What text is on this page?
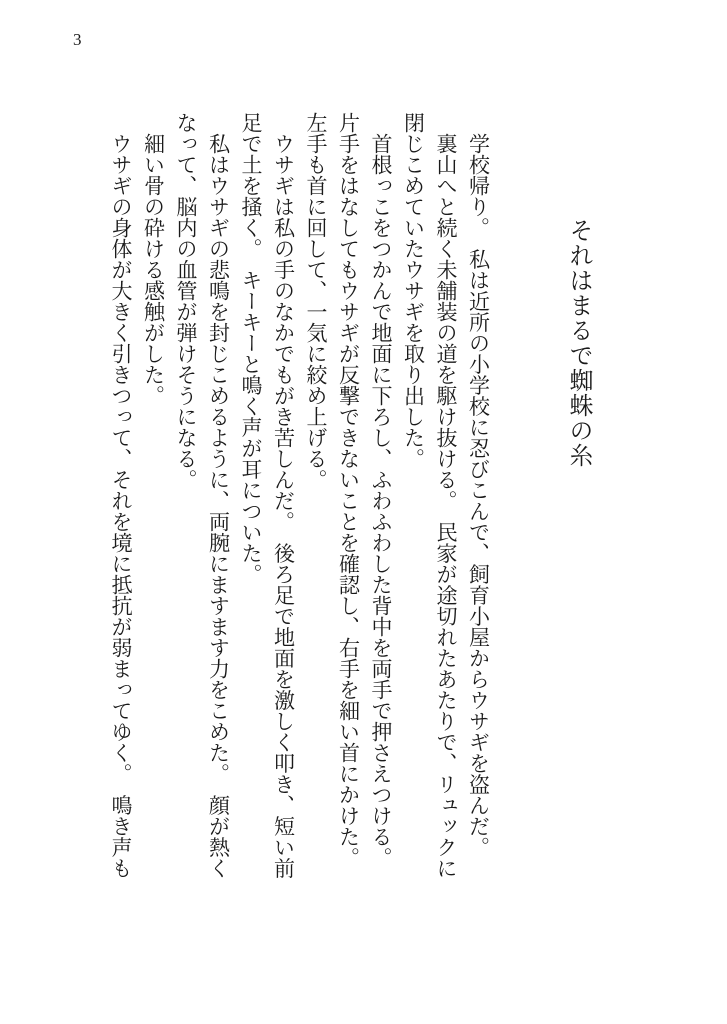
3
それはまるで蜘蛛の糸

学校帰り。　私は近所の小学校に忍びこんで、飼育小屋からウサギを盗んだ。

裏山へと続く未舗装の道を駆け抜ける。　民家が途切れたあたりで、リュックに閉じこめていたウサギを取り出した。

首根っこをつかんで地面に下ろし、ふわふわした背中を両手で押さえつける。　片手をはなしてもウサギが反撃できないことを確認し、右手を細い首にかけた。　左手も首に回して、一気に絞め上げる。

ウサギは私の手のなかでもがき苦しんだ。　後ろ足で地面を激しく叩き、短い前足で土を掻く。　キーキーと鳴く声が耳についた。

私はウサギの悲鳴を封じこめるように、両腕にますます力をこめた。　顔が熱くなって、脳内の血管が弾けそうになる。

細い骨の砕ける感触がした。

ウサギの身体が大きく引きつって、それを境に抵抗が弱まってゆく。　鳴き声も
